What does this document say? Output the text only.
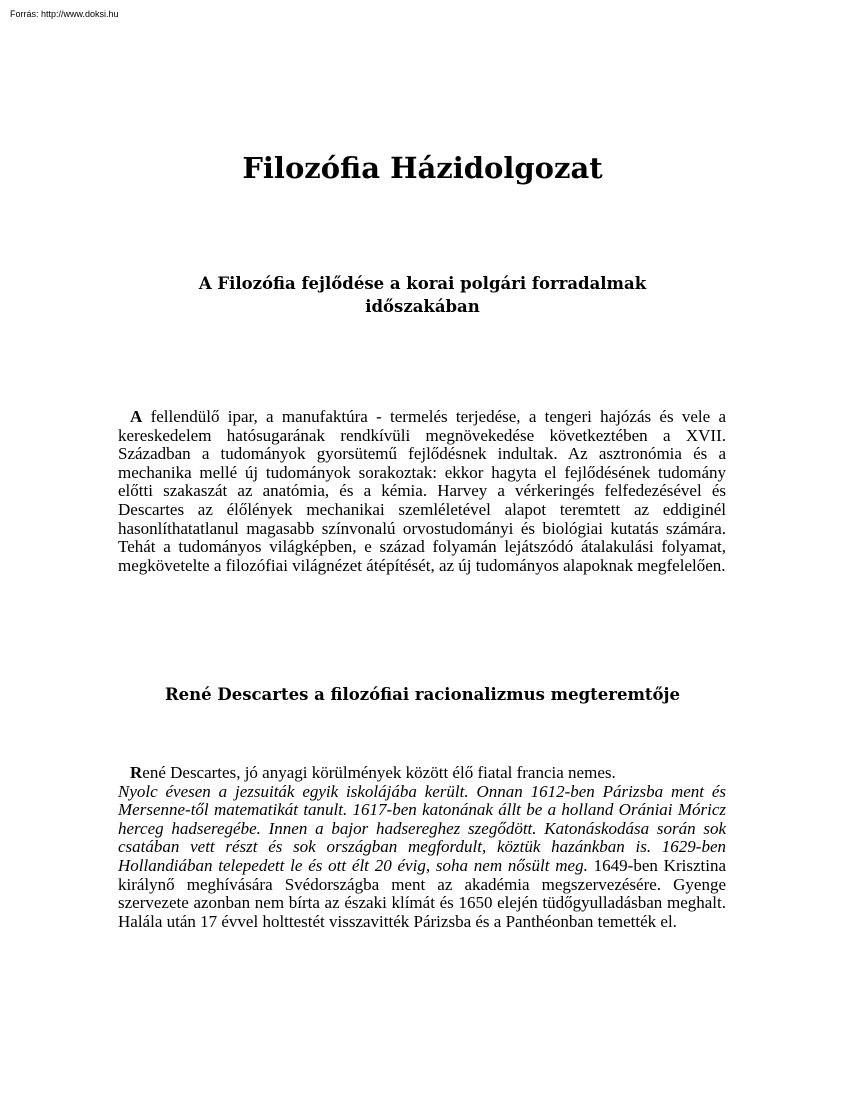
Forrás: http://www.doksi.hu
Filozófia Házidolgozat
A Filozófia fejlődése a korai polgári forradalmak időszakában

A fellendülő ipar, a manufaktúra - termelés terjedése, a tengeri hajózás és vele a kereskedelem hatósugarának rendkívüli megnövekedése következtében a XVII. Században a tudományok gyorsütemű fejlődésnek indultak. Az asztronómia és a mechanika mellé új tudományok sorakoztak: ekkor hagyta el fejlődésének tudomány előtti szakaszát az anatómia, és a kémia. Harvey a vérkeringés felfedezésével és Descartes az élőlények mechanikai szemléletével alapot teremtett az eddiginél hasonlíthatatlanul magasabb színvonalú orvostudományi és biológiai kutatás számára. Tehát a tudományos világképben, e század folyamán lejátszódó átalakulási folyamat, megkövetelte a filozófiai világnézet átépítését, az új tudományos alapoknak megfelelően.

René Descartes a filozófiai racionalizmus megteremtője

René Descartes, jó anyagi körülmények között élő fiatal francia nemes.
Nyolc évesen a jezsuiták egyik iskolájába került. Onnan 1612-ben Párizsba ment és Mersenne-től matematikát tanult. 1617-ben katonának állt be a holland Orániai Móricz herceg hadseregébe. Innen a bajor hadsereghez szegődött. Katonáskodása során sok csatában vett részt és sok országban megfordult, köztük hazánkban is. 1629-ben Hollandiában telepedett le és ott élt 20 évig, soha nem nősült meg. 1649-ben Krisztina királynő meghívására Svédországba ment az akadémia megszervezésére. Gyenge szervezete azonban nem bírta az északi klímát és 1650 elején tüdőgyulladásban meghalt. Halála után 17 évvel holttestét visszavitték Párizsba és a Panthéonban temették el.
